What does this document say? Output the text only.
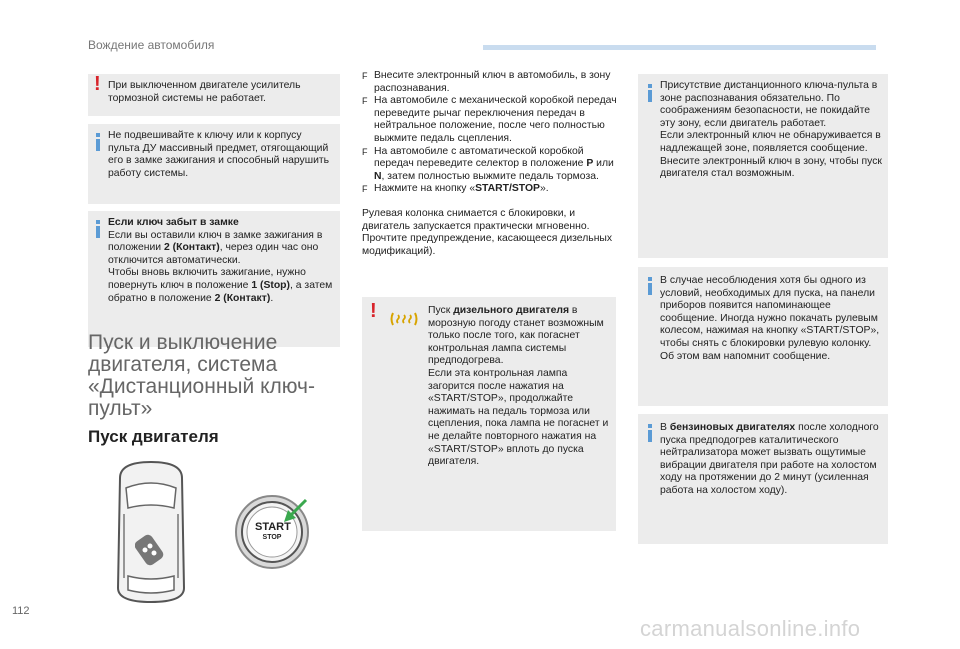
Вождение автомобиля
! При выключенном двигателе усилитель тормозной системы не работает.

Не подвешивайте к ключу или к корпусу пульта ДУ массивный предмет, отягощающий его в замке зажигания и способный нарушить работу системы.

Если ключ забыт в замке

Если вы оставили ключ в замке зажигания в положении 2 (Контакт), через один час оно отключится автоматически.

Чтобы вновь включить зажигание, нужно повернуть ключ в положение 1 (Stop), а затем обратно в положение 2 (Контакт).

Пуск и выключение двигателя, система «Дистанционный ключ-пульт»
Пуск двигателя
START
STOP
F Внесите электронный ключ в автомобиль, в зону распознавания.
F На автомобиле с механической коробкой передач переведите рычаг переключения передач в нейтральное положение, после чего полностью выжмите педаль сцепления.
F На автомобиле с автоматической коробкой передач переведите селектор в положение P или N, затем полностью выжмите педаль тормоза.
F Нажмите на кнопку «START/STOP».

Рулевая колонка снимается с блокировки, и двигатель запускается практически мгновенно. Прочтите предупреждение, касающееся дизельных модификаций).

!	Пуск дизельного двигателя в морозную погоду станет возможным только после того, как погаснет контрольная лампа системы предподогрева.

Если эта контрольная лампа загорится после нажатия на «START/STOP», продолжайте нажимать на педаль тормоза или сцепления, пока лампа не погаснет и не делайте повторного нажатия на «START/STOP» вплоть до пуска двигателя.

Присутствие дистанционного ключа-пульта в зоне распознавания обязательно. По соображениям безопасности, не покидайте эту зону, если двигатель работает.

Если электронный ключ не обнаруживается в надлежащей зоне, появляется сообщение. Внесите электронный ключ в зону, чтобы пуск двигателя стал возможным.

В случае несоблюдения хотя бы одного из условий, необходимых для пуска, на панели приборов появится напоминающее сообщение. Иногда нужно покачать рулевым колесом, нажимая на кнопку «START/STOP», чтобы снять с блокировки рулевую колонку. Об этом вам напомнит сообщение.

В бензиновых двигателях после холодного пуска предподогрев каталитического нейтрализатора может вызвать ощутимые вибрации двигателя при работе на холостом ходу на протяжении до 2 минут (усиленная работа на холостом ходу).

112
carmanualsonline.info
